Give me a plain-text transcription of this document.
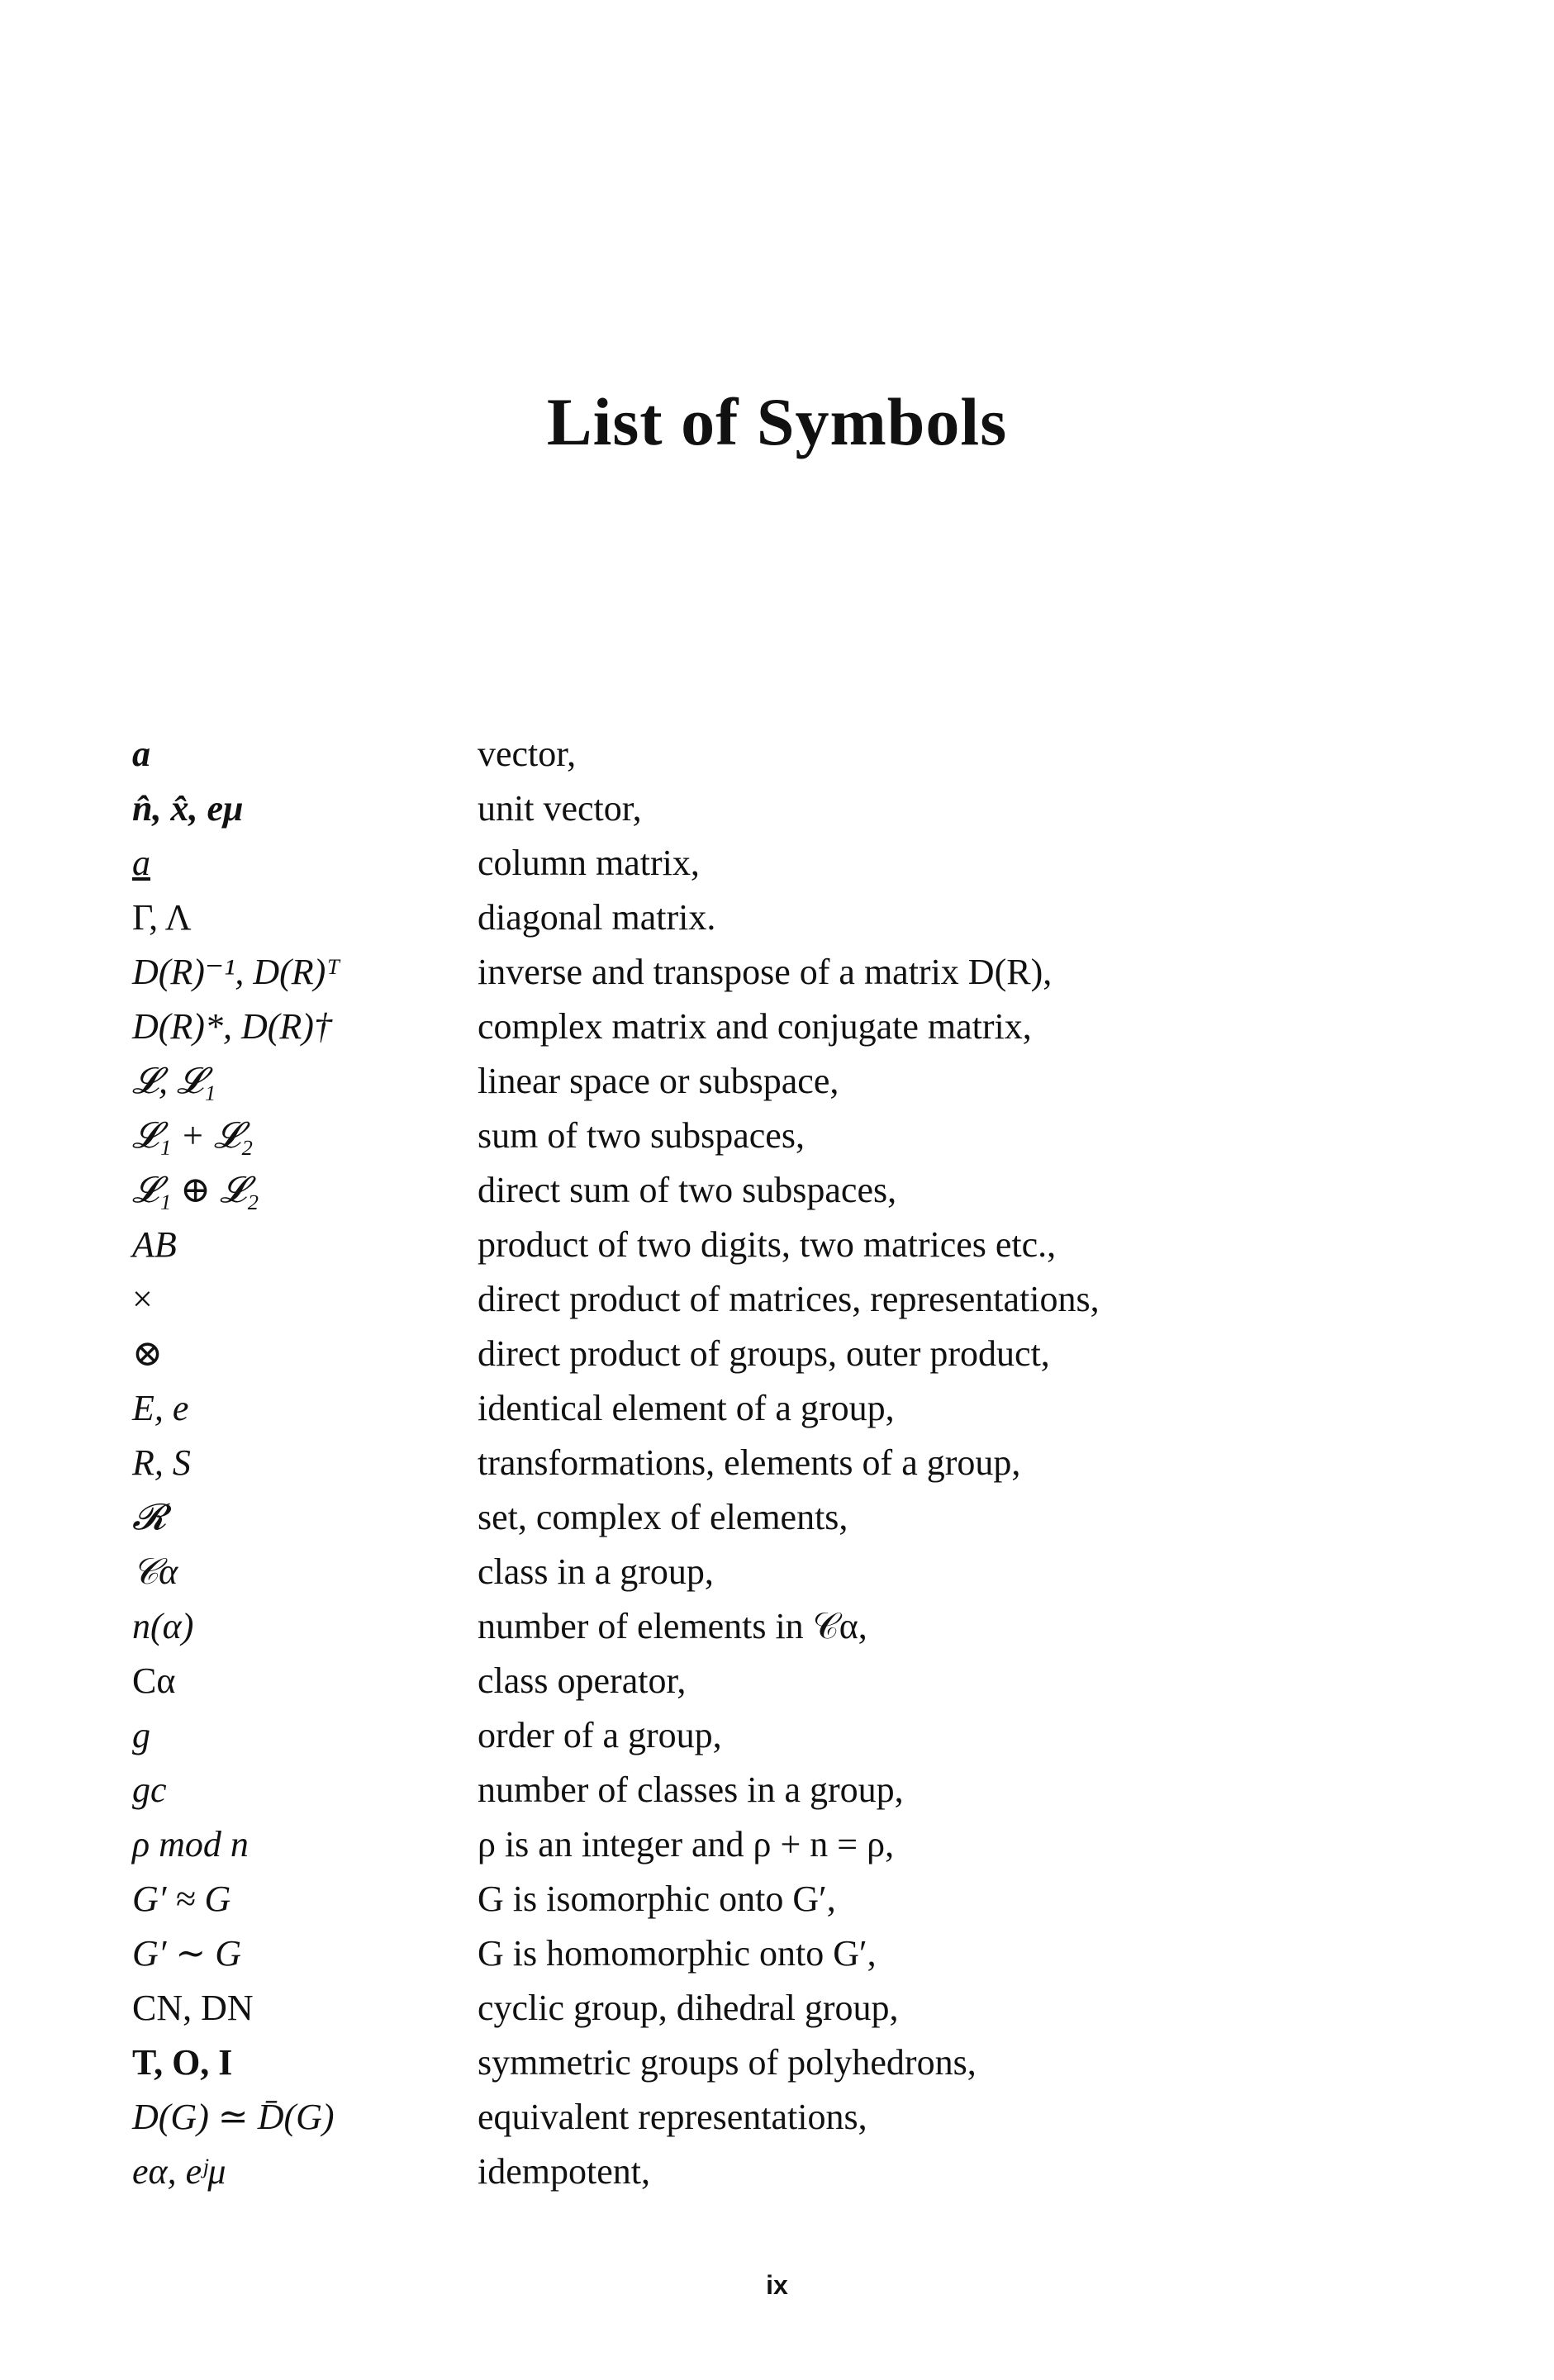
List of Symbols
a	vector,
n̂, x̂, eμ	unit vector,
a	column matrix,
Γ, Λ	diagonal matrix.
D(R)⁻¹, D(R)ᵀ	inverse and transpose of a matrix D(R),
D(R)*, D(R)†	complex matrix and conjugate matrix,
𝓛, 𝓛₁	linear space or subspace,
𝓛₁ + 𝓛₂	sum of two subspaces,
𝓛₁ ⊕ 𝓛₂	direct sum of two subspaces,
AB	product of two digits, two matrices etc.,
×	direct product of matrices, representations,
⊗	direct product of groups, outer product,
E, e	identical element of a group,
R, S	transformations, elements of a group,
𝓡	set, complex of elements,
𝒞α	class in a group,
n(α)	number of elements in 𝒞α,
Cα	class operator,
g	order of a group,
gc	number of classes in a group,
ρ mod n	ρ is an integer and ρ + n = ρ,
G′ ≈ G	G is isomorphic onto G′,
G′ ∼ G	G is homomorphic onto G′,
CN, DN	cyclic group, dihedral group,
T, O, I	symmetric groups of polyhedrons,
D(G) ≃ D̄(G)	equivalent representations,
eα, eʲμ	idempotent,
ix
